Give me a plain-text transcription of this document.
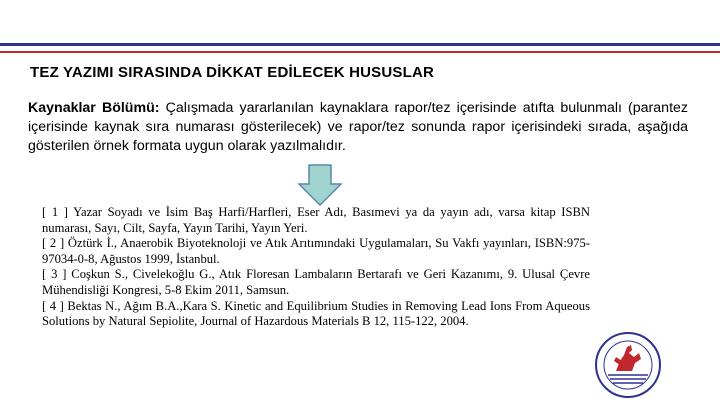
TEZ YAZIMI SIRASINDA DİKKAT EDİLECEK HUSUSLAR
Kaynaklar Bölümü: Çalışmada yararlanılan kaynaklara rapor/tez içerisinde atıfta bulunmalı (parantez içerisinde kaynak sıra numarası gösterilecek) ve rapor/tez sonunda rapor içerisindeki sırada, aşağıda gösterilen örnek formata uygun olarak yazılmalıdır.

[ 1 ] Yazar Soyadı ve İsim Baş Harfi/Harfleri, Eser Adı, Basımevi ya da yayın adı, varsa kitap ISBN numarası, Sayı, Cilt, Sayfa, Yayın Tarihi, Yayın Yeri.

[ 2 ] Öztürk İ., Anaerobik Biyoteknoloji ve Atık Arıtımındaki Uygulamaları, Su Vakfı yayınları, ISBN:975-97034-0-8, Ağustos 1999, İstanbul.

[ 3 ] Coşkun S., Civelekoğlu G., Atık Floresan Lambaların Bertarafı ve Geri Kazanımı, 9. Ulusal Çevre Mühendisliği Kongresi, 5-8 Ekim 2011, Samsun.

[ 4 ] Bektas N., Ağım B.A.,Kara S. Kinetic and Equilibrium Studies in Removing Lead Ions From Aqueous Solutions by Natural Sepiolite, Journal of Hazardous Materials B 12, 115-122, 2004.
